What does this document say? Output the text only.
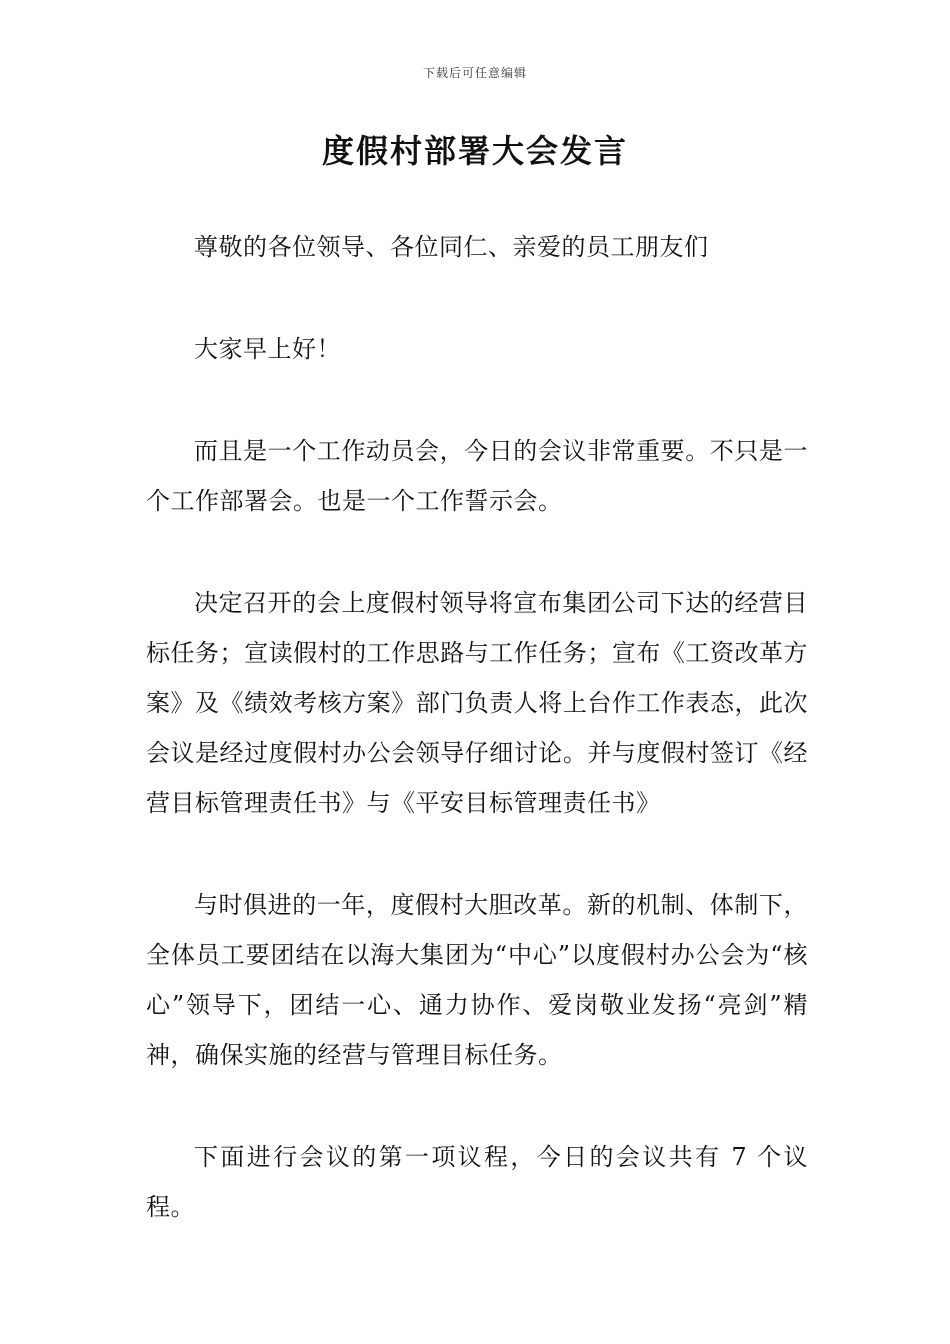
下载后可任意编辑
度假村部署大会发言

尊敬的各位领导、各位同仁、亲爱的员工朋友们

大家早上好！

而且是一个工作动员会，今日的会议非常重要。不只是一个工作部署会。也是一个工作誓示会。

决定召开的会上度假村领导将宣布集团公司下达的经营目标任务；宣读假村的工作思路与工作任务；宣布《工资改革方案》及《绩效考核方案》部门负责人将上台作工作表态，此次会议是经过度假村办公会领导仔细讨论。并与度假村签订《经营目标管理责任书》与《平安目标管理责任书》

与时俱进的一年，度假村大胆改革。新的机制、体制下，全体员工要团结在以海大集团为“中心”以度假村办公会为“核心”领导下，团结一心、通力协作、爱岗敬业发扬“亮剑”精神，确保实施的经营与管理目标任务。

下面进行会议的第一项议程，今日的会议共有 7 个议程。
